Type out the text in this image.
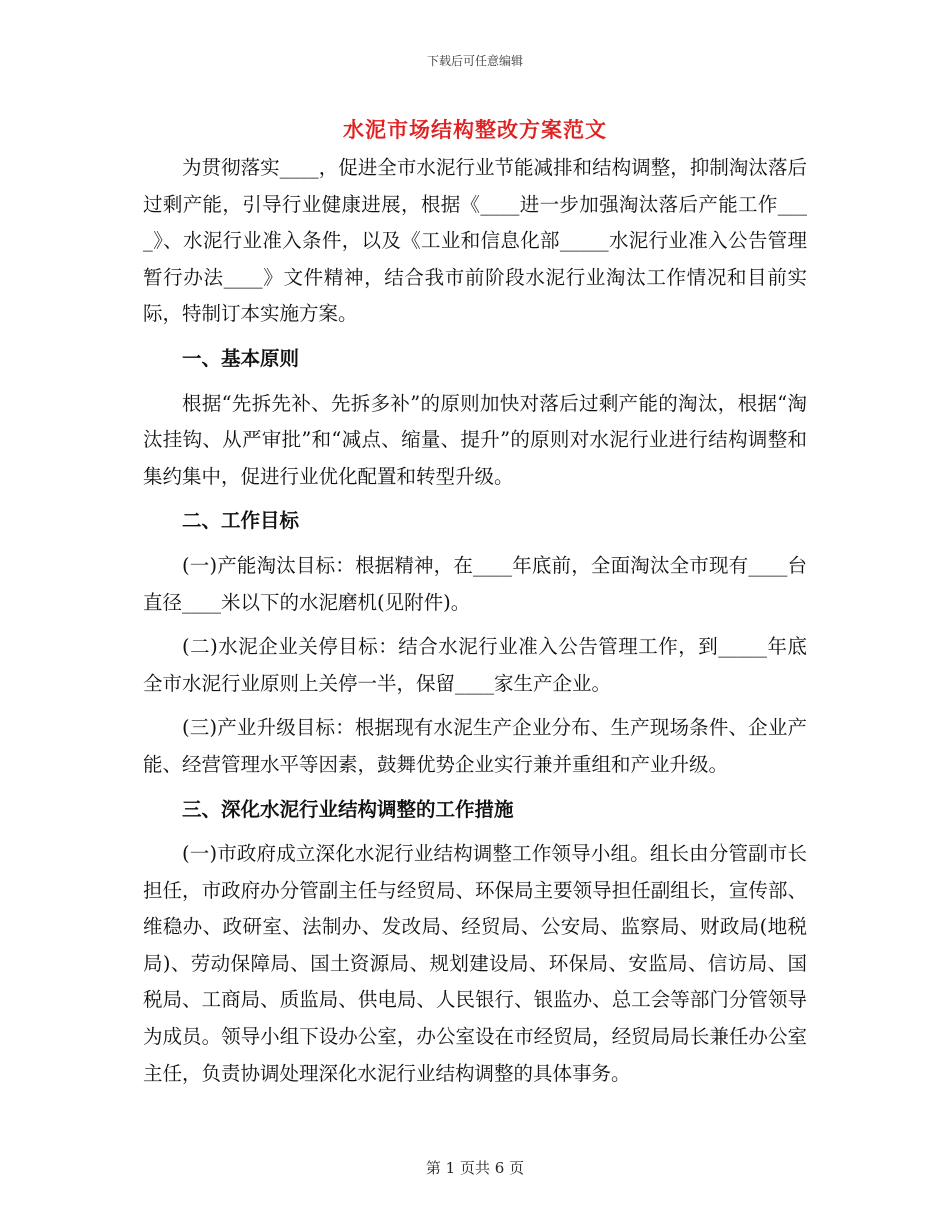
下载后可任意编辑
水泥市场结构整改方案范文

为贯彻落实____，促进全市水泥行业节能减排和结构调整，抑制淘汰落后过剩产能，引导行业健康进展，根据《____进一步加强淘汰落后产能工作____》、水泥行业准入条件，以及《工业和信息化部_____水泥行业准入公告管理暂行办法____》文件精神，结合我市前阶段水泥行业淘汰工作情况和目前实际，特制订本实施方案。

一、基本原则

根据“先拆先补、先拆多补”的原则加快对落后过剩产能的淘汰，根据“淘汰挂钩、从严审批”和“减点、缩量、提升”的原则对水泥行业进行结构调整和集约集中，促进行业优化配置和转型升级。

二、工作目标

(一)产能淘汰目标：根据精神，在____年底前，全面淘汰全市现有____台直径____米以下的水泥磨机(见附件)。

(二)水泥企业关停目标：结合水泥行业准入公告管理工作，到_____年底全市水泥行业原则上关停一半，保留____家生产企业。

(三)产业升级目标：根据现有水泥生产企业分布、生产现场条件、企业产能、经营管理水平等因素，鼓舞优势企业实行兼并重组和产业升级。

三、深化水泥行业结构调整的工作措施

(一)市政府成立深化水泥行业结构调整工作领导小组。组长由分管副市长担任，市政府办分管副主任与经贸局、环保局主要领导担任副组长，宣传部、维稳办、政研室、法制办、发改局、经贸局、公安局、监察局、财政局(地税局)、劳动保障局、国土资源局、规划建设局、环保局、安监局、信访局、国税局、工商局、质监局、供电局、人民银行、银监办、总工会等部门分管领导为成员。领导小组下设办公室，办公室设在市经贸局，经贸局局长兼任办公室主任，负责协调处理深化水泥行业结构调整的具体事务。

第 1 页共 6 页
